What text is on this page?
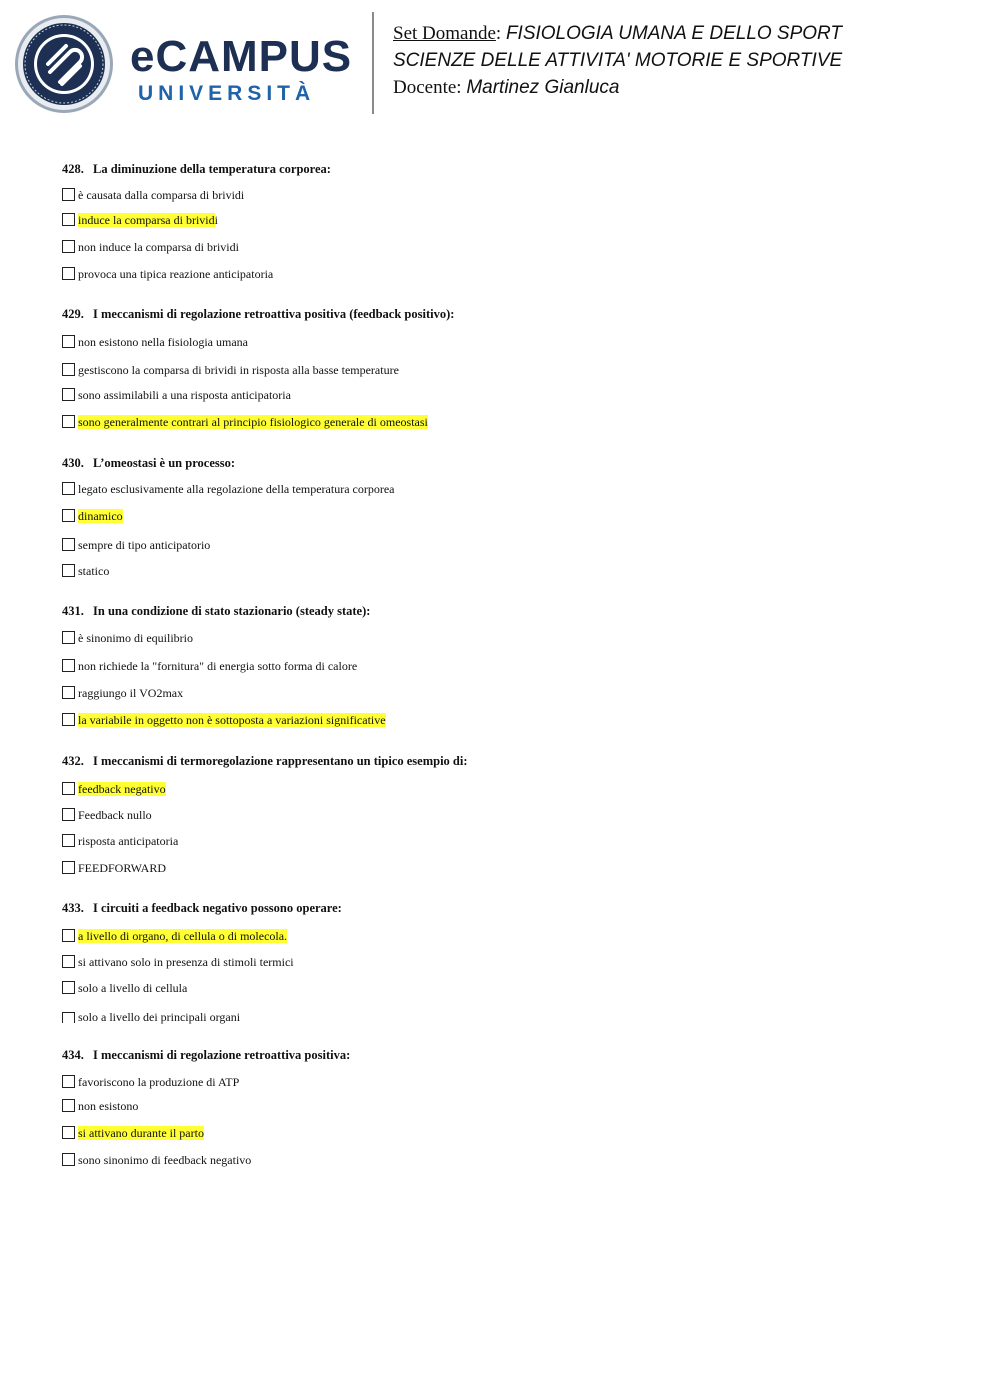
eCAMPUS
UNIVERSITÀ
Set Domande: FISIOLOGIA UMANA E DELLO SPORT
SCIENZE DELLE ATTIVITA' MOTORIE E SPORTIVE
Docente: Martinez Gianluca
428. La diminuzione della temperatura corporea:
è causata dalla comparsa di brividi
induce la comparsa di brividi
non induce la comparsa di brividi
provoca una tipica reazione anticipatoria
429. I meccanismi di regolazione retroattiva positiva (feedback positivo):
non esistono nella fisiologia umana
gestiscono la comparsa di brividi in risposta alla basse temperature
sono assimilabili a una risposta anticipatoria
sono generalmente contrari al principio fisiologico generale di omeostasi
430. L’omeostasi è un processo:
legato esclusivamente alla regolazione della temperatura corporea
dinamico
sempre di tipo anticipatorio
statico
431. In una condizione di stato stazionario (steady state):
è sinonimo di equilibrio
non richiede la "fornitura" di energia sotto forma di calore
raggiungo il VO2max
la variabile in oggetto non è sottoposta a variazioni significative
432. I meccanismi di termoregolazione rappresentano un tipico esempio di:
feedback negativo
Feedback nullo
risposta anticipatoria
FEEDFORWARD
433. I circuiti a feedback negativo possono operare:
a livello di organo, di cellula o di molecola.
si attivano solo in presenza di stimoli termici
solo a livello di cellula
solo a livello dei principali organi
434. I meccanismi di regolazione retroattiva positiva:
favoriscono la produzione di ATP
non esistono
si attivano durante il parto
sono sinonimo di feedback negativo
